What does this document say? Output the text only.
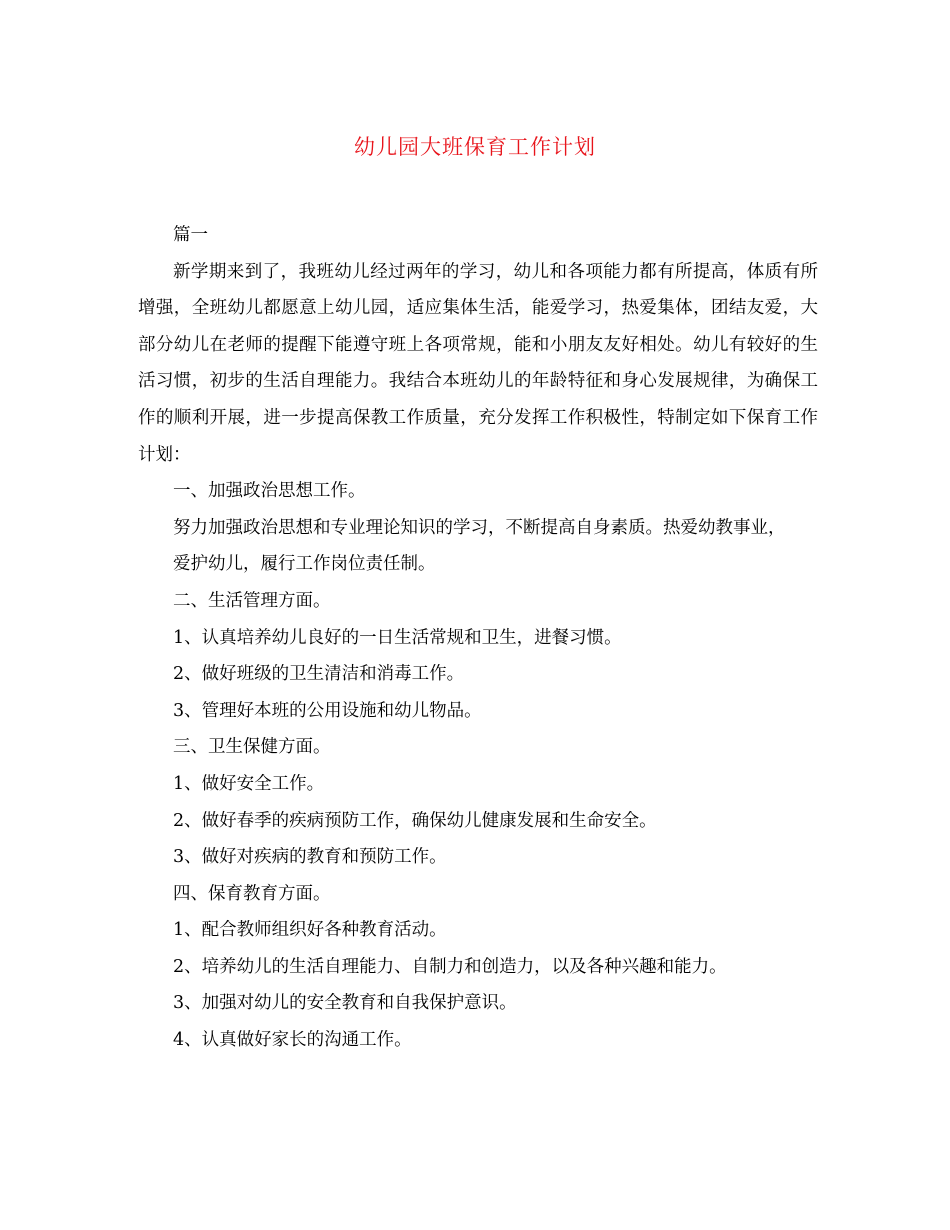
幼儿园大班保育工作计划

篇一

新学期来到了，我班幼儿经过两年的学习，幼儿和各项能力都有所提高，体质有所增强，全班幼儿都愿意上幼儿园，适应集体生活，能爱学习，热爱集体，团结友爱，大部分幼儿在老师的提醒下能遵守班上各项常规，能和小朋友友好相处。幼儿有较好的生活习惯，初步的生活自理能力。我结合本班幼儿的年龄特征和身心发展规律，为确保工作的顺利开展，进一步提高保教工作质量，充分发挥工作积极性，特制定如下保育工作计划：

一、加强政治思想工作。

努力加强政治思想和专业理论知识的学习，不断提高自身素质。热爱幼教事业，

爱护幼儿，履行工作岗位责任制。

二、生活管理方面。

1、认真培养幼儿良好的一日生活常规和卫生，进餐习惯。

2、做好班级的卫生清洁和消毒工作。

3、管理好本班的公用设施和幼儿物品。

三、卫生保健方面。

1、做好安全工作。

2、做好春季的疾病预防工作，确保幼儿健康发展和生命安全。

3、做好对疾病的教育和预防工作。

四、保育教育方面。

1、配合教师组织好各种教育活动。

2、培养幼儿的生活自理能力、自制力和创造力，以及各种兴趣和能力。

3、加强对幼儿的安全教育和自我保护意识。

4、认真做好家长的沟通工作。
